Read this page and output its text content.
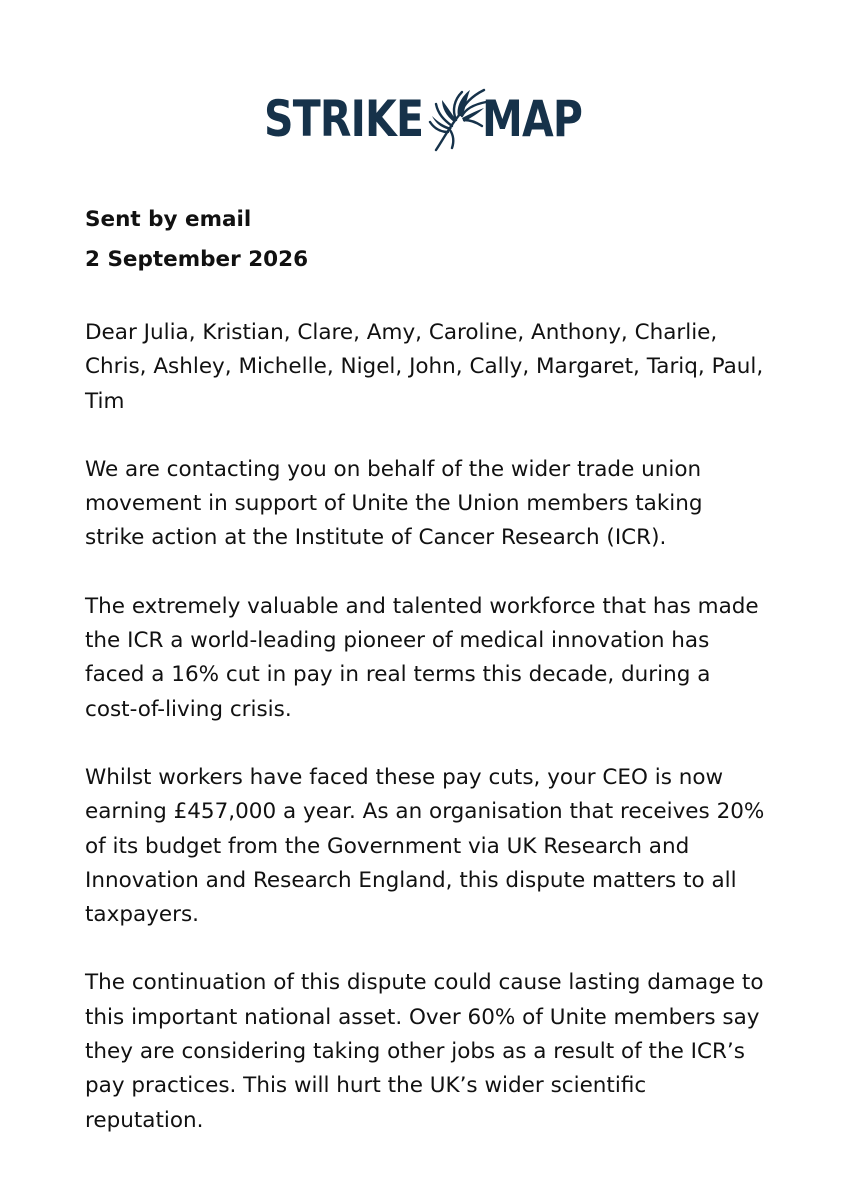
STRIKE MAP

Sent by email

2 September 2026

Dear Julia, Kristian, Clare, Amy, Caroline, Anthony, Charlie, Chris, Ashley, Michelle, Nigel, John, Cally, Margaret, Tariq, Paul, Tim

We are contacting you on behalf of the wider trade union movement in support of Unite the Union members taking strike action at the Institute of Cancer Research (ICR).

The extremely valuable and talented workforce that has made the ICR a world-leading pioneer of medical innovation has faced a 16% cut in pay in real terms this decade, during a cost-of-living crisis.

Whilst workers have faced these pay cuts, your CEO is now earning £457,000 a year. As an organisation that receives 20% of its budget from the Government via UK Research and Innovation and Research England, this dispute matters to all taxpayers.

The continuation of this dispute could cause lasting damage to this important national asset. Over 60% of Unite members say they are considering taking other jobs as a result of the ICR’s pay practices. This will hurt the UK’s wider scientific reputation.
